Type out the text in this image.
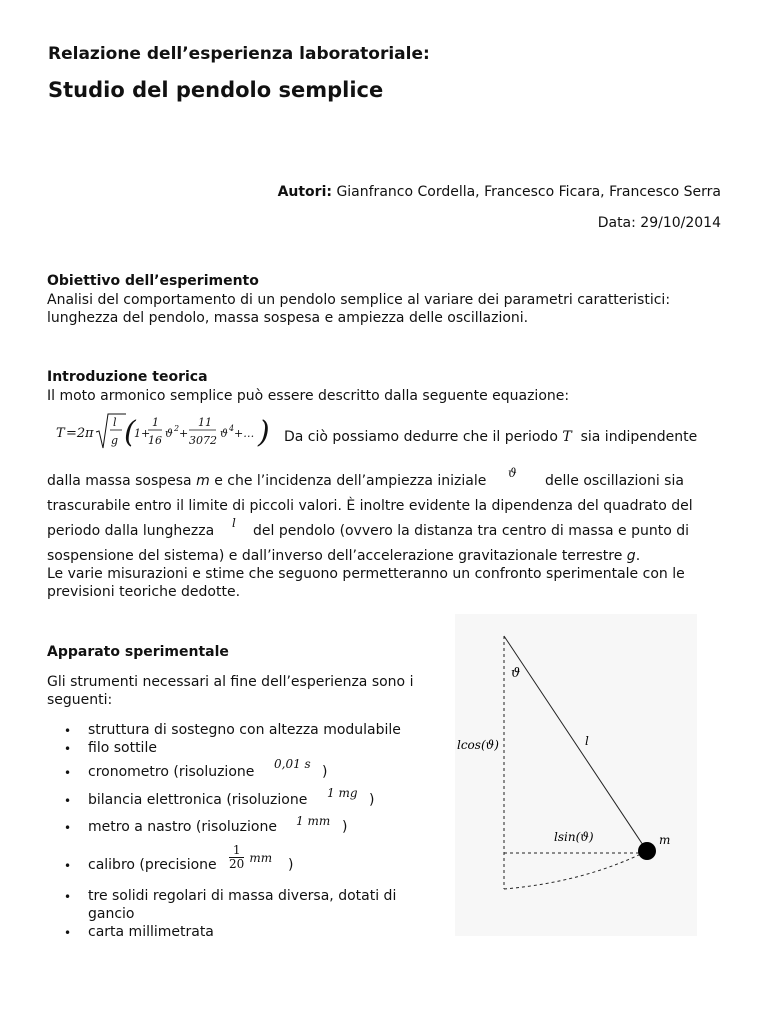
Relazione dell’esperienza laboratoriale:
Studio del pendolo semplice
Autori: Gianfranco Cordella, Francesco Ficara, Francesco Serra
Data: 29/10/2014
Obiettivo dell’esperimento
Analisi del comportamento di un pendolo semplice al variare dei parametri caratteristici:
lunghezza del pendolo, massa sospesa e ampiezza delle oscillazioni.
Introduzione teorica
Il moto armonico semplice può essere descritto dalla seguente equazione:
T =2 π
l
g (
1+
1
16
ϑ 2 +
11
3072
ϑ 4 +… ) Da ciò possiamo dedurre che il periodo T sia indipendente
dalla massa sospesa m e che l’incidenza dell’ampiezza iniziale ϑ delle oscillazioni sia
trascurabile entro il limite di piccoli valori. È inoltre evidente la dipendenza del quadrato del
periodo dalla lunghezza l del pendolo (ovvero la distanza tra centro di massa e punto di
sospensione del sistema) e dall’inverso dell’accelerazione gravitazionale terrestre g.
Le varie misurazioni e stime che seguono permetteranno un confronto sperimentale con le
previsioni teoriche dedotte.
Apparato sperimentale
Gli strumenti necessari al fine dell’esperienza sono i
seguenti:
• struttura di sostegno con altezza modulabile
• filo sottile
• cronometro (risoluzione 0,01 s )
• bilancia elettronica (risoluzione 1 mg )
• metro a nastro (risoluzione 1 mm )
• calibro (precisione $\frac{1}{20}$ mm )
• tre solidi regolari di massa diversa, dotati di
gancio
• carta millimetrata
ϑ
l
lcos(ϑ)
lsin(ϑ)	m
